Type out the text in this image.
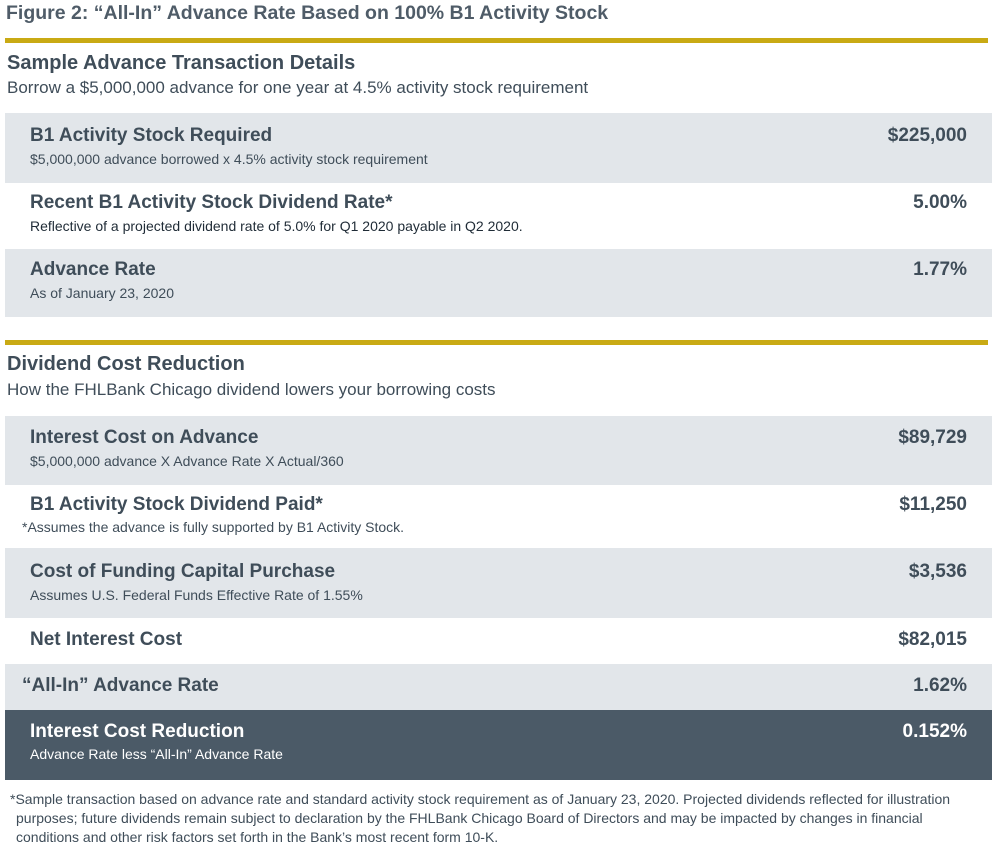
Figure 2: “All-In” Advance Rate Based on 100% B1 Activity Stock
Sample Advance Transaction Details
Borrow a $5,000,000 advance for one year at 4.5% activity stock requirement
B1 Activity Stock Required
$5,000,000 advance borrowed x 4.5% activity stock requirement
$225,000
Recent B1 Activity Stock Dividend Rate*
Reflective of a projected dividend rate of 5.0% for Q1 2020 payable in Q2 2020.
5.00%
Advance Rate
As of January 23, 2020
1.77%
Dividend Cost Reduction
How the FHLBank Chicago dividend lowers your borrowing costs
Interest Cost on Advance
$5,000,000 advance X Advance Rate X Actual/360
$89,729
B1 Activity Stock Dividend Paid*
*Assumes the advance is fully supported by B1 Activity Stock.
$11,250
Cost of Funding Capital Purchase
Assumes U.S. Federal Funds Effective Rate of 1.55%
$3,536
Net Interest Cost	$82,015
“All-In” Advance Rate	1.62%
Interest Cost Reduction
Advance Rate less “All-In” Advance Rate
0.152%
*Sample transaction based on advance rate and standard activity stock requirement as of January 23, 2020. Projected dividends reflected for illustration purposes; future dividends remain subject to declaration by the FHLBank Chicago Board of Directors and may be impacted by changes in financial conditions and other risk factors set forth in the Bank’s most recent form 10-K.
